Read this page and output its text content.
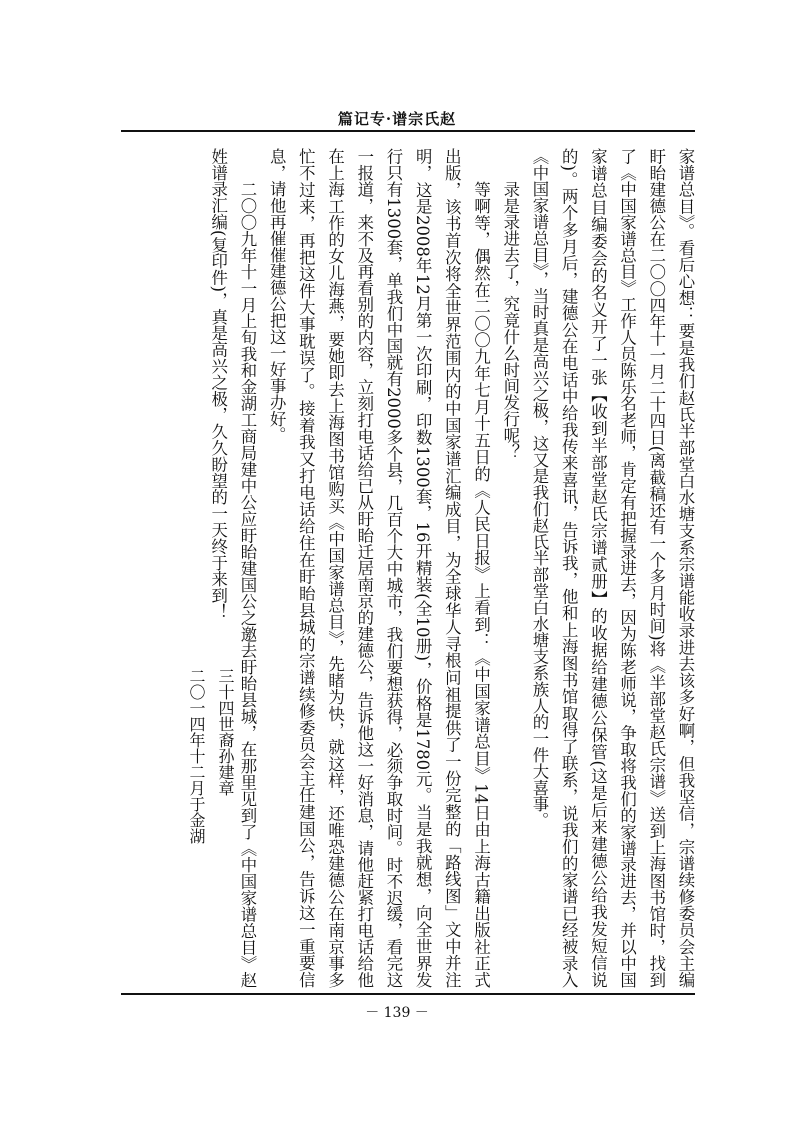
篇记专·谱宗氏赵

家谱总目》。看后心想：要是我们赵氏半部堂白水塘支系宗谱能收录进去该多好啊，但我坚信，宗谱续修委员会主编盱眙建德公在二〇〇四年十一月二十四日(离截稿还有一个多月时间)将《半部堂赵氏宗谱》送到上海图书馆时，找到了《中国家谱总目》工作人员陈乐名老师，肯定有把握录进去，因为陈老师说，争取将我们的家谱录进去，并以中国家谱总目编委会的名义开了一张【收到半部堂赵氏宗谱贰册】的收据给建德公保管(这是后来建德公给我发短信说的)。两个多月后，建德公在电话中给我传来喜讯，告诉我，他和上海图书馆取得了联系，说我们的家谱已经被录入《中国家谱总目》，当时真是高兴之极，这又是我们赵氏半部堂白水塘支系族人的一件大喜事。

录是录进去了，究竟什么时间发行呢？

等啊等，偶然在二〇〇九年七月十五日的《人民日报》上看到：《中国家谱总目》14日由上海古籍出版社正式出版，该书首次将全世界范围内的中国家谱汇编成目，为全球华人寻根问祖提供了一份完整的「路线图」文中并注明，这是2008年12月第一次印刷，印数1300套，16开精装(全10册)，价格是1780元。当是我就想，向全世界发行只有1300套，单我们中国就有2000多个县，几百个大中城市，我们要想获得，必须争取时间。时不迟缓，看完这一报道，来不及再看别的内容，立刻打电话给已从盱眙迁居南京的建德公，告诉他这一好消息，请他赶紧打电话给他在上海工作的女儿海燕，要她即去上海图书馆购买《中国家谱总目》，先睹为快，就这样，还唯恐建德公在南京事多忙不过来，再把这件大事耽误了。接着我又打电话给住在盱眙县城的宗谱续修委员会主任建国公，告诉这一重要信息，请他再催催建德公把这一好事办好。

二〇〇九年十一月上旬我和金湖工商局建中公应盱眙建国公之邀去盱眙县城，在那里见到了《中国家谱总目》赵姓谱录汇编(复印件)，真是高兴之极，久久盼望的一天终于来到！

三十四世裔孙建章
二〇一四年十二月于金湖
－ 139 －
